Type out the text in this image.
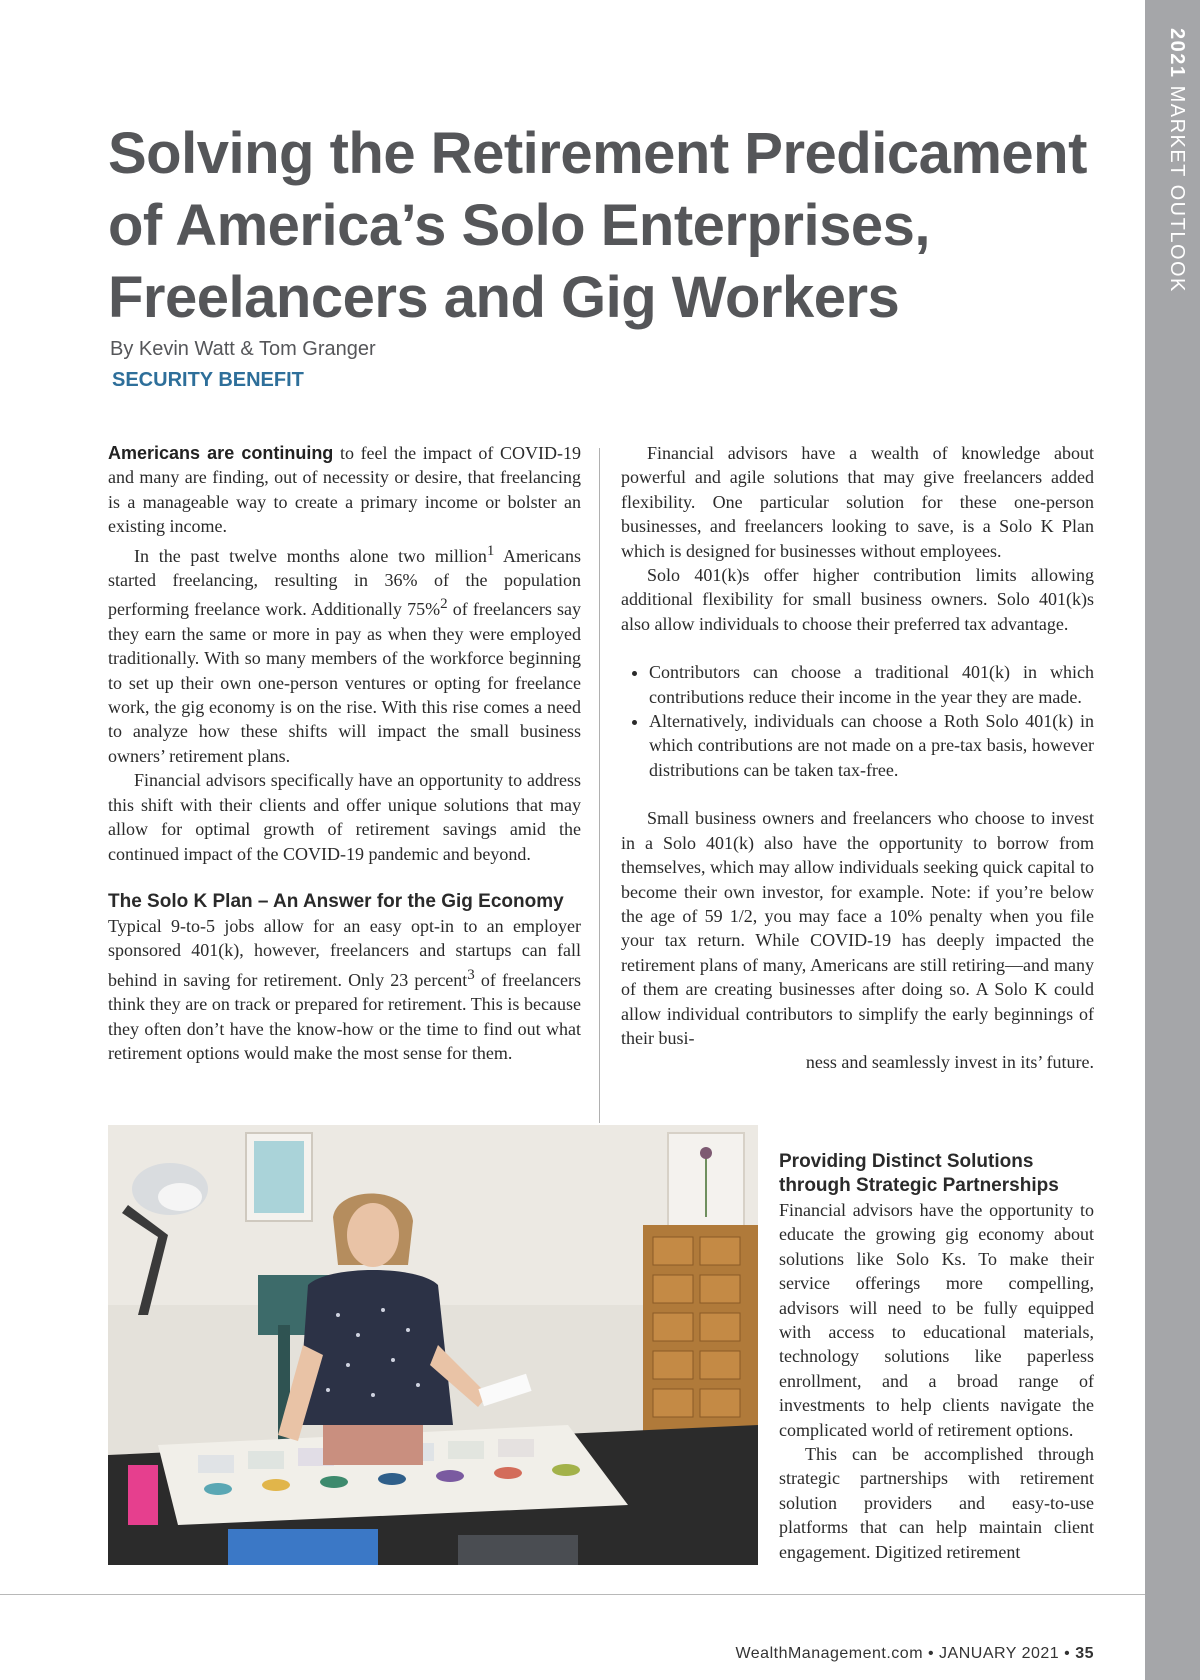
2021 MARKET OUTLOOK
Solving the Retirement Predicament
of America’s Solo Enterprises,
Freelancers and Gig Workers
By Kevin Watt & Tom Granger
SECURITY BENEFIT

Americans are continuing to feel the impact of COVID-19 and many are finding, out of necessity or desire, that freelancing is a manageable way to create a primary income or bolster an existing income.

In the past twelve months alone two million$^1$ Americans started freelancing, resulting in 36% of the population performing freelance work. Additionally 75%$^2$ of freelancers say they earn the same or more in pay as when they were employed traditionally. With so many members of the workforce beginning to set up their own one-person ventures or opting for freelance work, the gig economy is on the rise. With this rise comes a need to analyze how these shifts will impact the small business owners’ retirement plans.

Financial advisors specifically have an opportunity to address this shift with their clients and offer unique solutions that may allow for optimal growth of retirement savings amid the continued impact of the COVID-19 pandemic and beyond.

The Solo K Plan – An Answer for the Gig Economy

Typical 9-to-5 jobs allow for an easy opt-in to an employer sponsored 401(k), however, freelancers and startups can fall behind in saving for retirement. Only 23 percent$^3$ of freelancers think they are on track or prepared for retirement. This is because they often don’t have the know-how or the time to find out what retirement options would make the most sense for them.

Financial advisors have a wealth of knowledge about powerful and agile solutions that may give freelancers added flexibility. One particular solution for these one-person businesses, and freelancers looking to save, is a Solo K Plan which is designed for businesses without employees.

Solo 401(k)s offer higher contribution limits allowing additional flexibility for small business owners. Solo 401(k)s also allow individuals to choose their preferred tax advantage.

• Contributors can choose a traditional 401(k) in which contributions reduce their income in the year they are made.
• Alternatively, individuals can choose a Roth Solo 401(k) in which contributions are not made on a pre-tax basis, however distributions can be taken tax-free.

Small business owners and freelancers who choose to invest in a Solo 401(k) also have the opportunity to borrow from themselves, which may allow individuals seeking quick capital to become their own investor, for example. Note: if you’re below the age of 59 1/2, you may face a 10% penalty when you file your tax return. While COVID-19 has deeply impacted the retirement plans of many, Americans are still retiring—and many of them are creating businesses after doing so. A Solo K could allow individual contributors to simplify the early beginnings of their busi-
ness and seamlessly invest in its’ future.

Providing Distinct Solutions through Strategic Partnerships

Financial advisors have the opportunity to educate the growing gig economy about solutions like Solo Ks. To make their service offerings more compelling, advisors will need to be fully equipped with access to educational materials, technology solutions like paperless enrollment, and a broad range of investments to help clients navigate the complicated world of retirement options.

This can be accomplished through strategic partnerships with retirement solution providers and easy-to-use platforms that can help maintain client engagement. Digitized retirement

WealthManagement.com • JANUARY 2021 • 35
